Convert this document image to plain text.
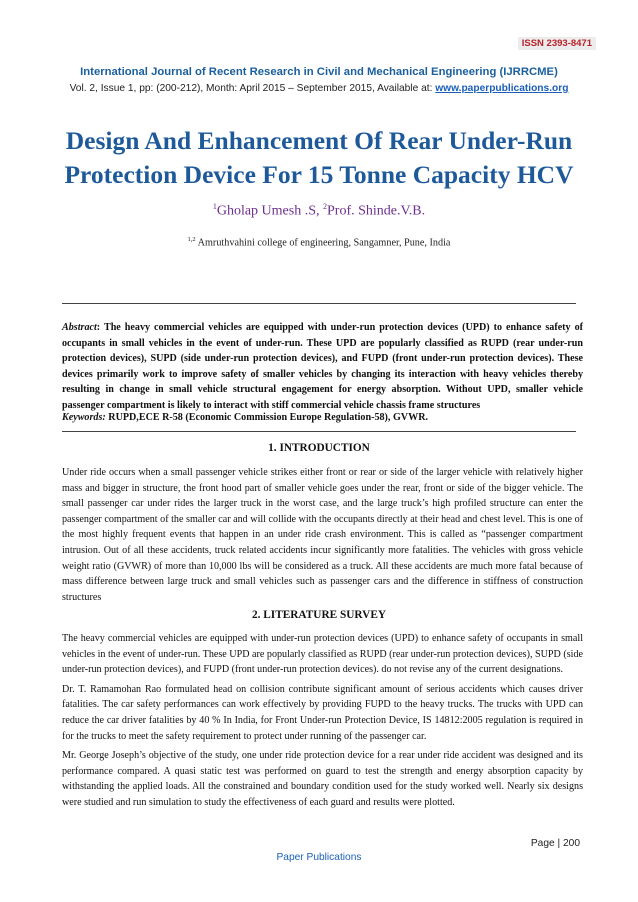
ISSN 2393-8471
International Journal of Recent Research in Civil and Mechanical Engineering (IJRRCME)
Vol. 2, Issue 1, pp: (200-212), Month: April 2015 – September 2015, Available at: www.paperpublications.org
Design And Enhancement Of Rear Under-Run Protection Device For 15 Tonne Capacity HCV
$^1$Gholap Umesh .S, $^2$Prof. Shinde.V.B.
$^{1,2}$ Amruthvahini college of engineering, Sangamner, Pune, India
Abstract: The heavy commercial vehicles are equipped with under-run protection devices (UPD) to enhance safety of occupants in small vehicles in the event of under-run. These UPD are popularly classified as RUPD (rear under-run protection devices), SUPD (side under-run protection devices), and FUPD (front under-run protection devices). These devices primarily work to improve safety of smaller vehicles by changing its interaction with heavy vehicles thereby resulting in change in small vehicle structural engagement for energy absorption. Without UPD, smaller vehicle passenger compartment is likely to interact with stiff commercial vehicle chassis frame structures
Keywords: RUPD,ECE R-58 (Economic Commission Europe Regulation-58), GVWR.
1. INTRODUCTION

Under ride occurs when a small passenger vehicle strikes either front or rear or side of the larger vehicle with relatively higher mass and bigger in structure, the front hood part of smaller vehicle goes under the rear, front or side of the bigger vehicle. The small passenger car under rides the larger truck in the worst case, and the large truck’s high profiled structure can enter the passenger compartment of the smaller car and will collide with the occupants directly at their head and chest level. This is one of the most highly frequent events that happen in an under ride crash environment. This is called as “passenger compartment intrusion. Out of all these accidents, truck related accidents incur significantly more fatalities. The vehicles with gross vehicle weight ratio (GVWR) of more than 10,000 lbs will be considered as a truck. All these accidents are much more fatal because of mass difference between large truck and small vehicles such as passenger cars and the difference in stiffness of construction structures

2. LITERATURE SURVEY

The heavy commercial vehicles are equipped with under-run protection devices (UPD) to enhance safety of occupants in small vehicles in the event of under-run. These UPD are popularly classified as RUPD (rear under-run protection devices), SUPD (side under-run protection devices), and FUPD (front under-run protection devices). do not revise any of the current designations.

Dr. T. Ramamohan Rao formulated head on collision contribute significant amount of serious accidents which causes driver fatalities. The car safety performances can work effectively by providing FUPD to the heavy trucks. The trucks with UPD can reduce the car driver fatalities by 40 % In India, for Front Under-run Protection Device, IS 14812:2005 regulation is required in for the trucks to meet the safety requirement to protect under running of the passenger car.

Mr. George Joseph’s objective of the study, one under ride protection device for a rear under ride accident was designed and its performance compared. A quasi static test was performed on guard to test the strength and energy absorption capacity by withstanding the applied loads. All the constrained and boundary condition used for the study worked well. Nearly six designs were studied and run simulation to study the effectiveness of each guard and results were plotted.

Page | 200
Paper Publications
